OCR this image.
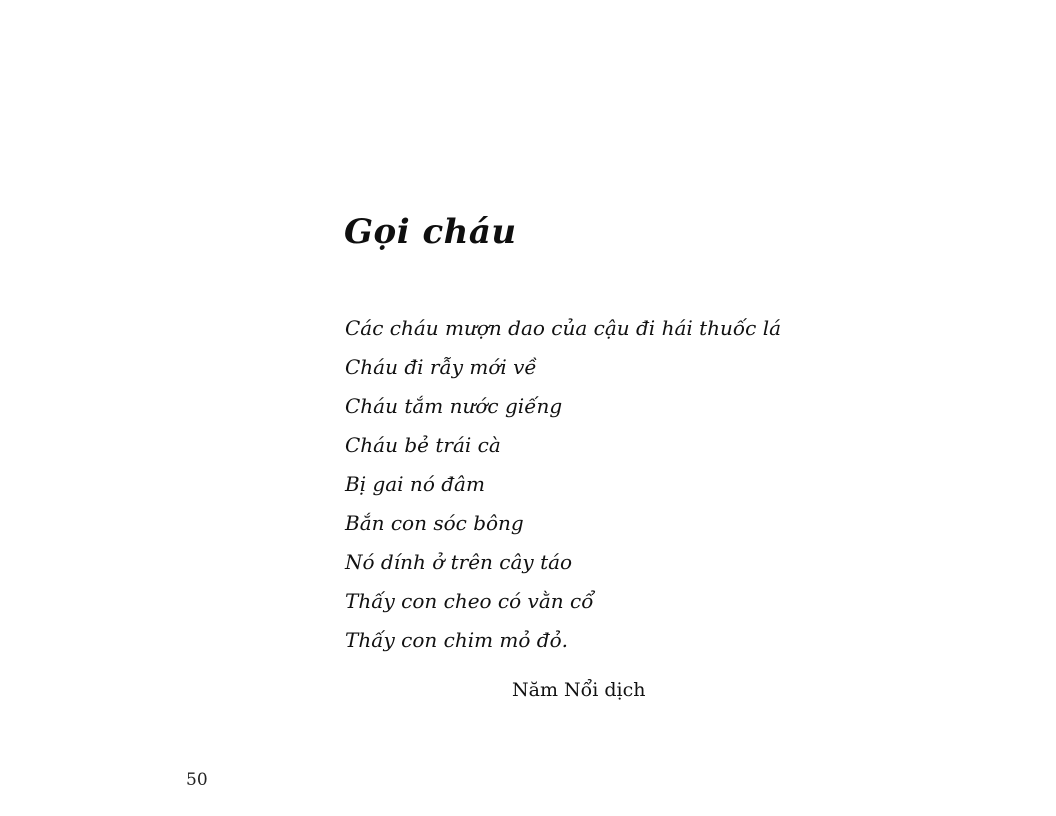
Gọi cháu
Các cháu mượn dao của cậu đi hái thuốc lá
Cháu đi rẫy mới về
Cháu tắm nước giếng
Cháu bẻ trái cà
Bị gai nó đâm
Bắn con sóc bông
Nó dính ở trên cây táo
Thấy con cheo có vằn cổ
Thấy con chim mỏ đỏ.

Năm Nổi dịch

50
